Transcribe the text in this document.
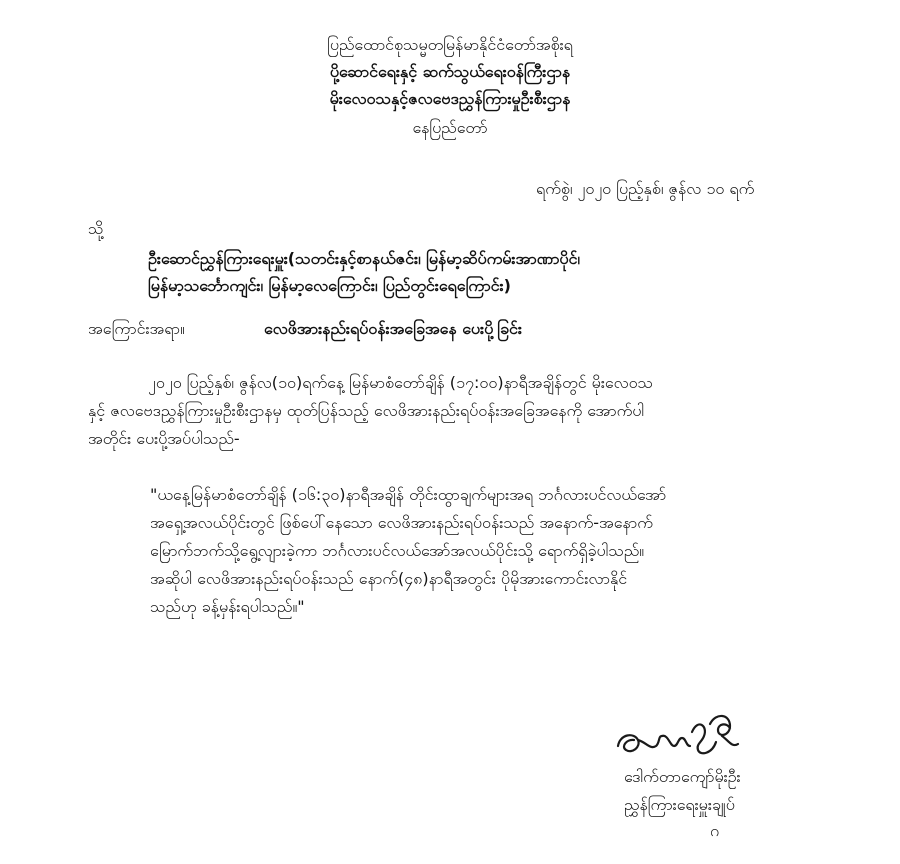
ပြည်ထောင်စုသမ္မတမြန်မာနိုင်ငံတော်အစိုးရ
ပို့ဆောင်ရေးနှင့် ဆက်သွယ်ရေးဝန်ကြီးဌာန
မိုးလေဝသနှင့်ဇလဗေဒညွှန်ကြားမှုဦးစီးဌာန
နေပြည်တော်
ရက်စွဲ၊ ၂၀၂၀ ပြည့်နှစ်၊ ဇွန်လ ၁၀ ရက်
သို့
ဦးဆောင်ညွှန်ကြားရေးမှူး(သတင်းနှင့်စာနယ်ဇင်း၊ မြန်မာ့ဆိပ်ကမ်းအာဏာပိုင်၊
မြန်မာ့သင်္ဘောကျင်း၊ မြန်မာ့လေကြောင်း၊ ပြည်တွင်းရေကြောင်း)
အကြောင်းအရာ။	လေဖိအားနည်းရပ်ဝန်းအခြေအနေ ပေးပို့ခြင်း
၂၀၂၀ ပြည့်နှစ်၊ ဇွန်လ(၁၀)ရက်နေ့ မြန်မာစံတော်ချိန် (၁၇:၀၀)နာရီအချိန်တွင် မိုးလေဝသ
နှင့် ဇလဗေဒညွှန်ကြားမှုဦးစီးဌာနမှ ထုတ်ပြန်သည့် လေဖိအားနည်းရပ်ဝန်းအခြေအနေကို အောက်ပါ
အတိုင်း ပေးပို့အပ်ပါသည်-
"ယနေ့မြန်မာစံတော်ချိန် (၁၆:၃၀)နာရီအချိန် တိုင်းထွာချက်များအရ ဘင်္ဂလားပင်လယ်အော်
အရှေ့အလယ်ပိုင်းတွင် ဖြစ်ပေါ်နေသော လေဖိအားနည်းရပ်ဝန်းသည် အနောက်-အနောက်
မြောက်ဘက်သို့ရွေ့လျားခဲ့ကာ ဘင်္ဂလားပင်လယ်အော်အလယ်ပိုင်းသို့ ရောက်ရှိခဲ့ပါသည်။
အဆိုပါ လေဖိအားနည်းရပ်ဝန်းသည် နောက်(၄၈)နာရီအတွင်း ပိုမိုအားကောင်းလာနိုင်
သည်ဟု ခန့်မှန်းရပါသည်။"
ဒေါက်တာကျော်မိုးဦး
ညွှန်ကြားရေးမှူးချုပ်
ဂ
